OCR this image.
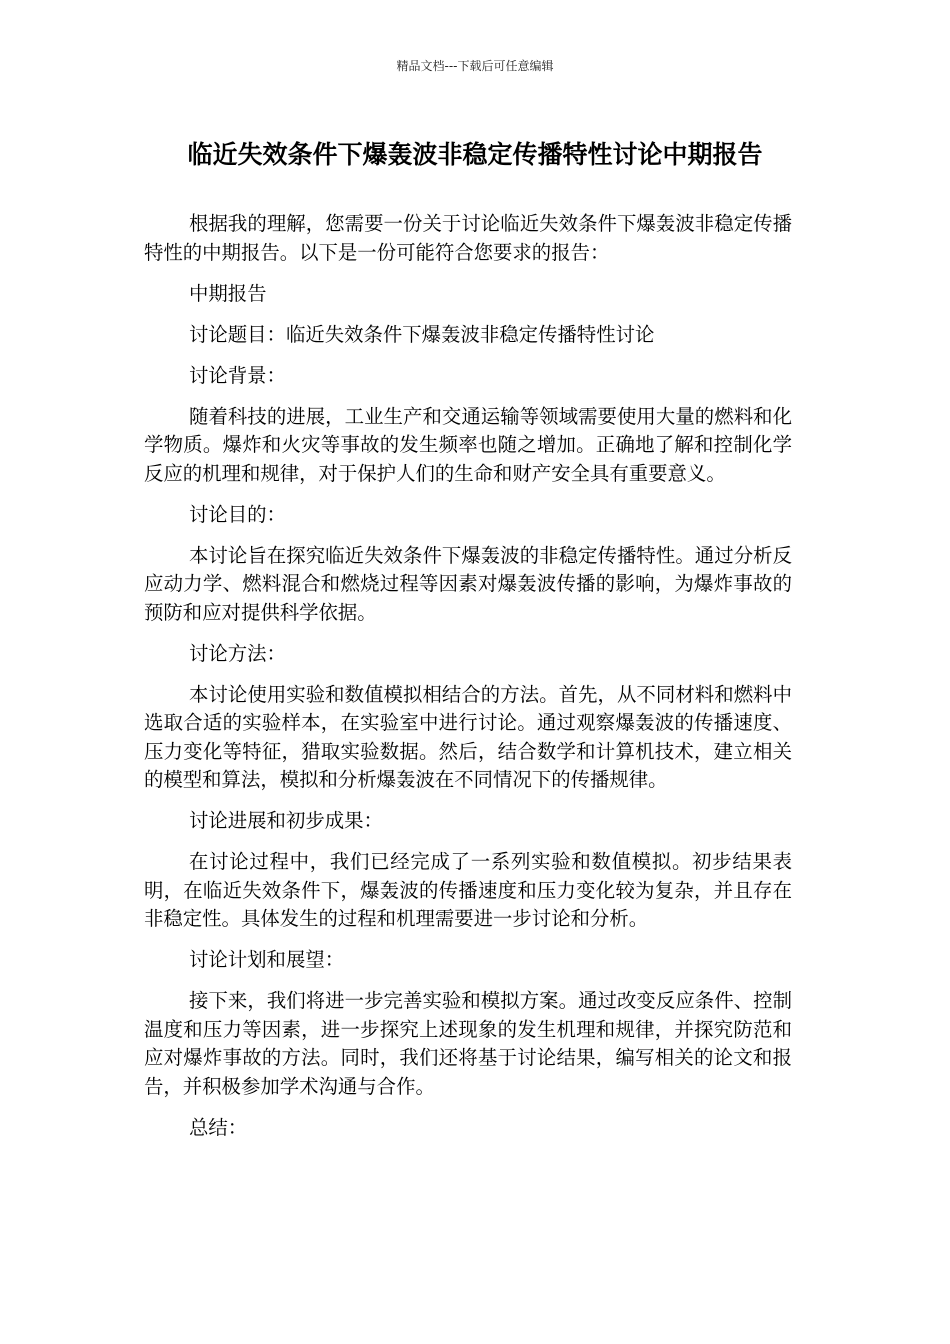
精品文档---下载后可任意编辑
临近失效条件下爆轰波非稳定传播特性讨论中期报告

根据我的理解，您需要一份关于讨论临近失效条件下爆轰波非稳定传播特性的中期报告。以下是一份可能符合您要求的报告：

中期报告

讨论题目：临近失效条件下爆轰波非稳定传播特性讨论

讨论背景：

随着科技的进展，工业生产和交通运输等领域需要使用大量的燃料和化学物质。爆炸和火灾等事故的发生频率也随之增加。正确地了解和控制化学反应的机理和规律，对于保护人们的生命和财产安全具有重要意义。

讨论目的：

本讨论旨在探究临近失效条件下爆轰波的非稳定传播特性。通过分析反应动力学、燃料混合和燃烧过程等因素对爆轰波传播的影响，为爆炸事故的预防和应对提供科学依据。

讨论方法：

本讨论使用实验和数值模拟相结合的方法。首先，从不同材料和燃料中选取合适的实验样本，在实验室中进行讨论。通过观察爆轰波的传播速度、压力变化等特征，猎取实验数据。然后，结合数学和计算机技术，建立相关的模型和算法，模拟和分析爆轰波在不同情况下的传播规律。

讨论进展和初步成果：

在讨论过程中，我们已经完成了一系列实验和数值模拟。初步结果表明，在临近失效条件下，爆轰波的传播速度和压力变化较为复杂，并且存在非稳定性。具体发生的过程和机理需要进一步讨论和分析。

讨论计划和展望：

接下来，我们将进一步完善实验和模拟方案。通过改变反应条件、控制温度和压力等因素，进一步探究上述现象的发生机理和规律，并探究防范和应对爆炸事故的方法。同时，我们还将基于讨论结果，编写相关的论文和报告，并积极参加学术沟通与合作。

总结：
